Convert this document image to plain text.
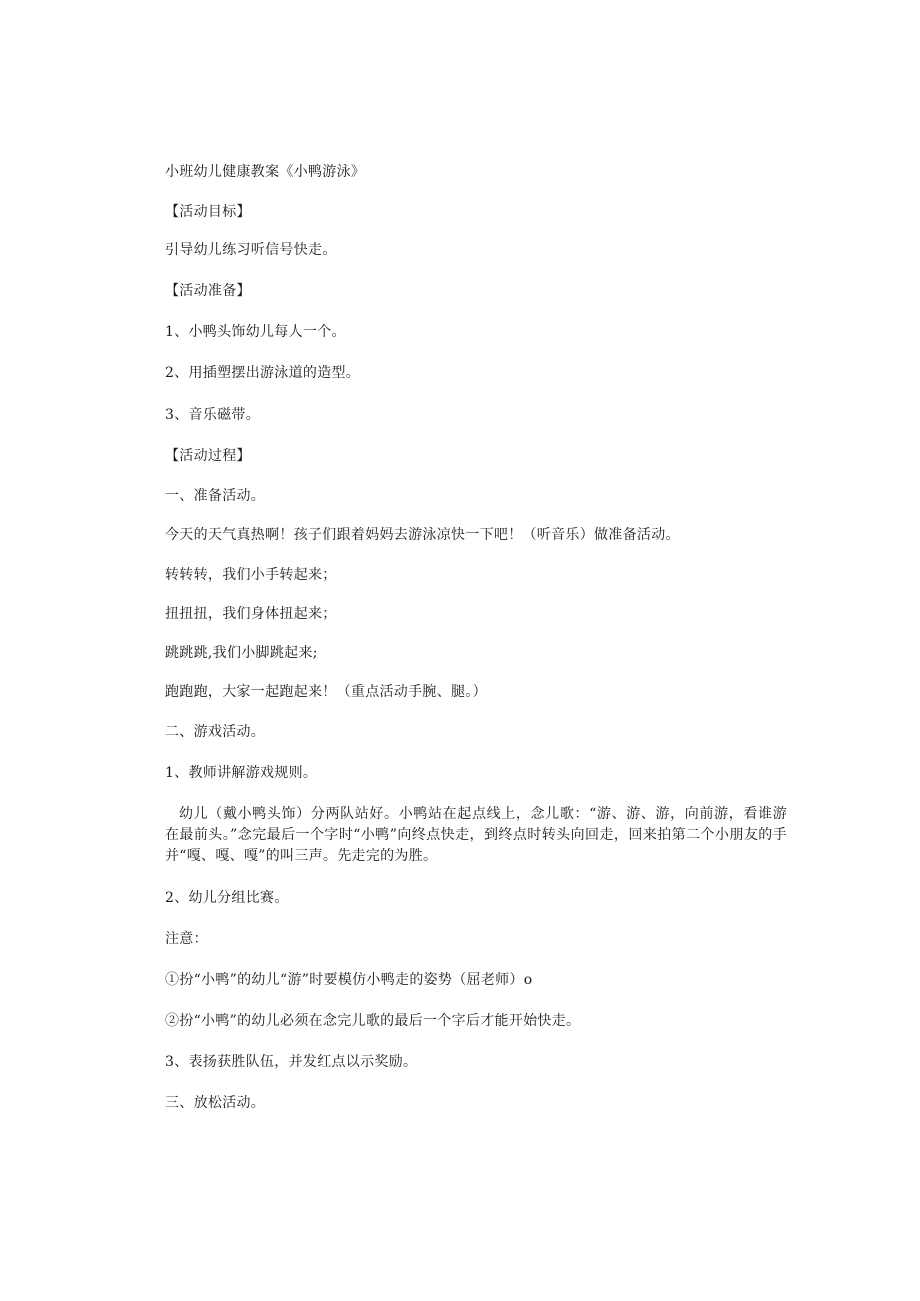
小班幼儿健康教案《小鸭游泳》
【活动目标】
引导幼儿练习听信号快走。
【活动准备】
1、小鸭头饰幼儿每人一个。
2、用插塑摆出游泳道的造型。
3、音乐磁带。
【活动过程】
一、准备活动。
今天的天气真热啊！孩子们跟着妈妈去游泳凉快一下吧！（听音乐）做准备活动。
转转转，我们小手转起来；
扭扭扭，我们身体扭起来；
跳跳跳,我们小脚跳起来;
跑跑跑，大家一起跑起来！（重点活动手腕、腿。）
二、游戏活动。
1、教师讲解游戏规则。
幼儿（戴小鸭头饰）分两队站好。小鸭站在起点线上，念儿歌：“游、游、游，向前游，看谁游在最前头。”念完最后一个字时“小鸭”向终点快走，到终点时转头向回走，回来拍第二个小朋友的手并“嘎、嘎、嘎”的叫三声。先走完的为胜。
2、幼儿分组比赛。
注意：
①扮“小鸭”的幼儿“游”时要模仿小鸭走的姿势（屈老师）o
②扮“小鸭”的幼儿必须在念完儿歌的最后一个字后才能开始快走。
3、表扬获胜队伍，并发红点以示奖励。
三、放松活动。
